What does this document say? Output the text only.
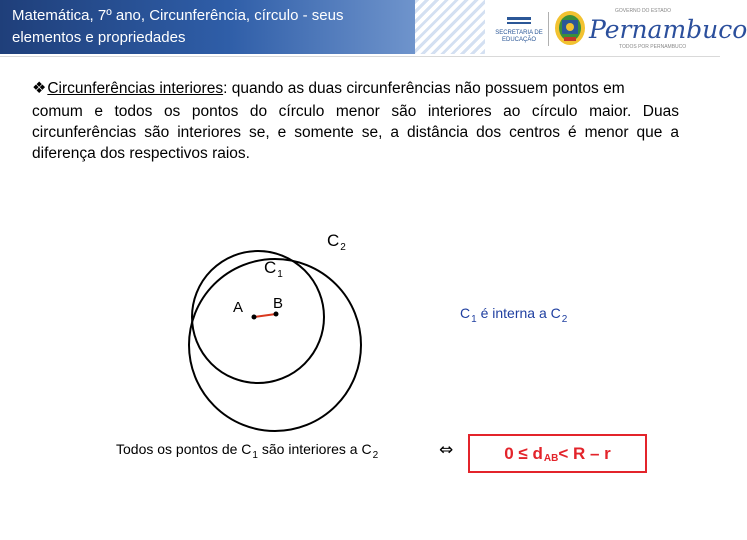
Matemática, 7º ano, Circunferência, círculo - seus elementos e propriedades	SECRETARIA DE EDUCAÇÃO
GOVERNO DO ESTADO
Pernambuco
TODOS POR PERNAMBUCO
❖Circunferências interiores: quando as duas circunferências não possuem pontos em
comum e todos os pontos do círculo menor são interiores ao círculo maior. Duas circunferências são interiores se, e somente se, a distância dos centros é menor que a diferença dos respectivos raios.
$C_2$
$C_1$
A B
$C_1$ é interna a $C_2$
Todos os pontos de $C_1$ são interiores a $C_2$	⇔	0 ≤ d AB < R – r
